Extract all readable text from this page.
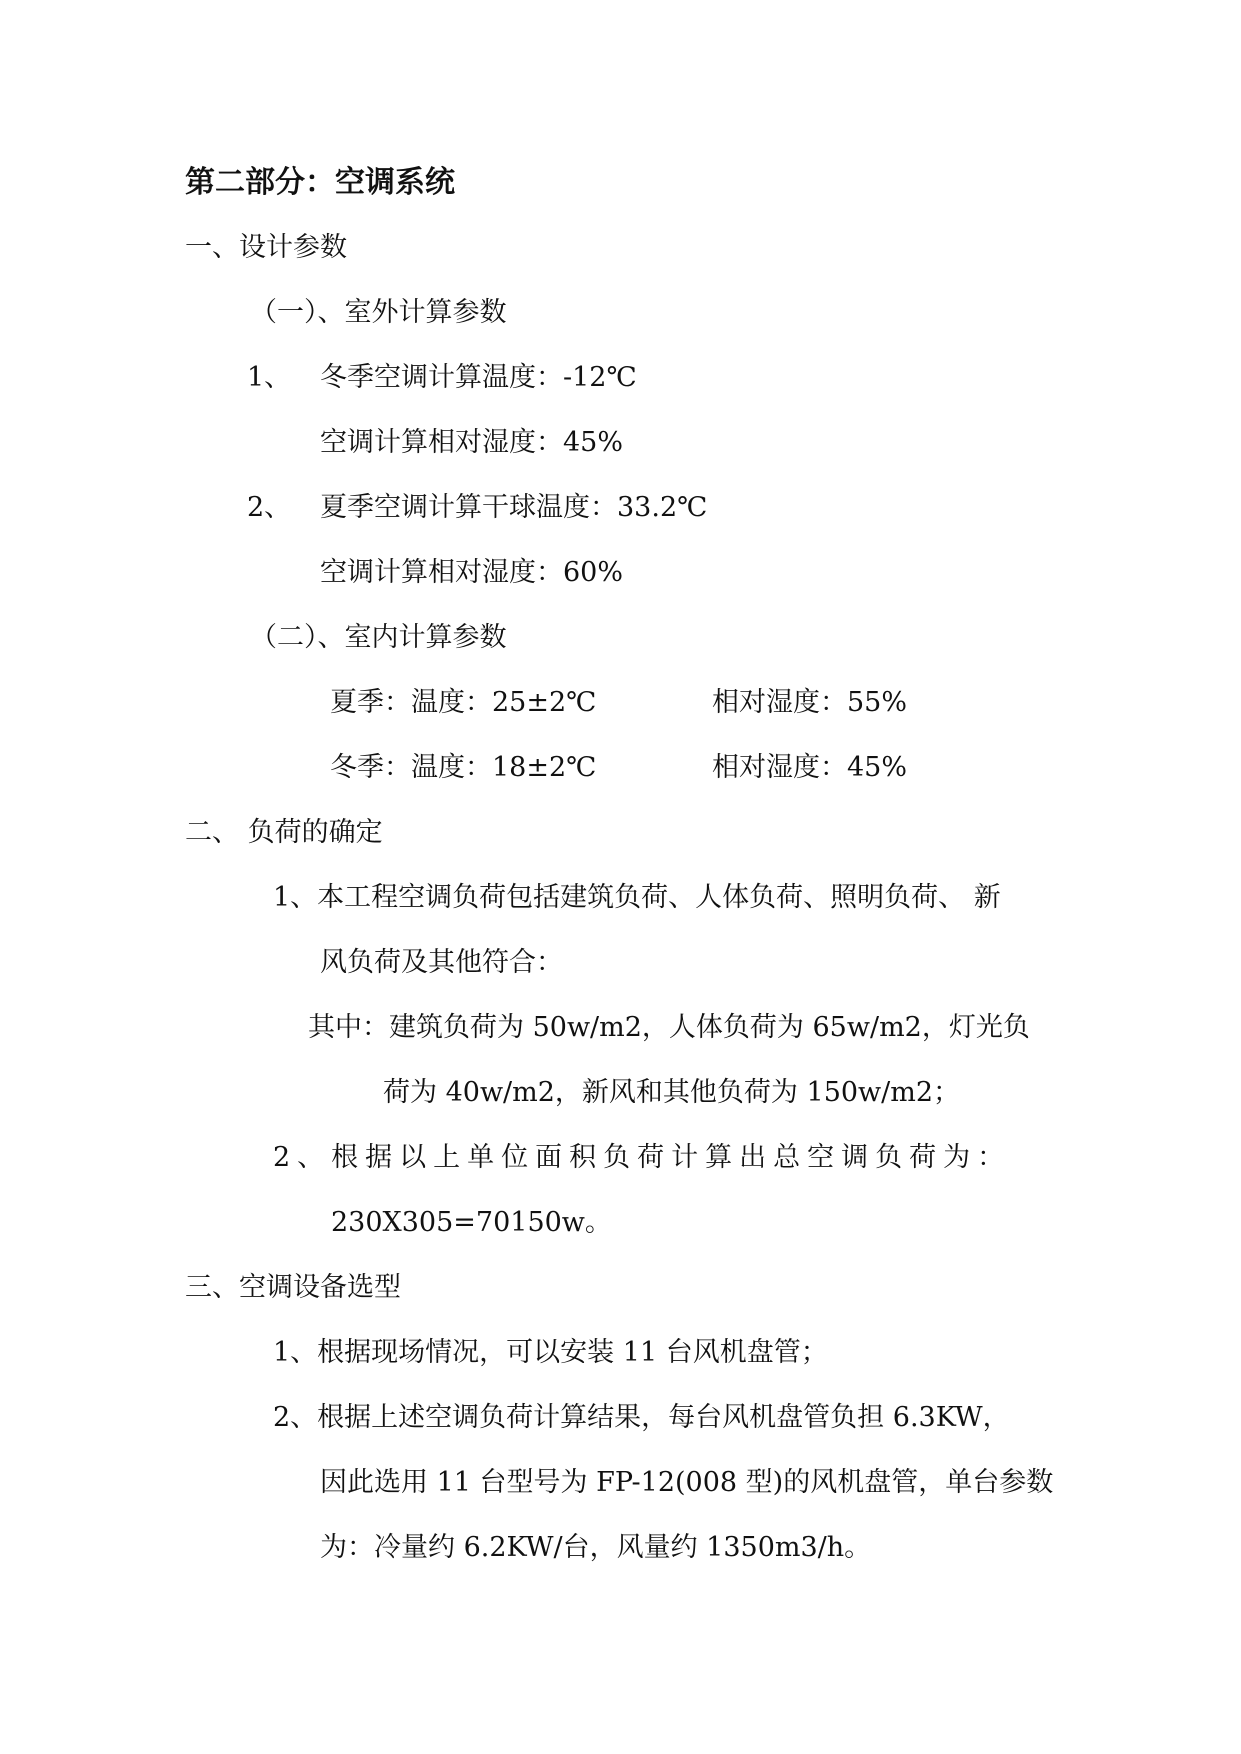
第二部分：空调系统
一、设计参数
（一）、室外计算参数
1、 冬季空调计算温度：-12℃
空调计算相对湿度：45%
2、 夏季空调计算干球温度：33.2℃
空调计算相对湿度：60%
（二）、室内计算参数
夏季：温度：25±2℃	相对湿度：55%
冬季：温度：18±2℃	相对湿度：45%
二、 负荷的确定
1、本工程空调负荷包括建筑负荷、人体负荷、照明负荷、 新
风负荷及其他符合：
其中：建筑负荷为 50w/m2，人体负荷为 65w/m2，灯光负
荷为 40w/m2，新风和其他负荷为 150w/m2；
2、根据以上单位面积负荷计算出总空调负荷为：
230X305=70150w。
三、空调设备选型
1、根据现场情况，可以安装 11 台风机盘管；
2、根据上述空调负荷计算结果，每台风机盘管负担 6.3KW，
因此选用 11 台型号为 FP-12(008 型)的风机盘管，单台参数
为：冷量约 6.2KW/台，风量约 1350m3/h。
